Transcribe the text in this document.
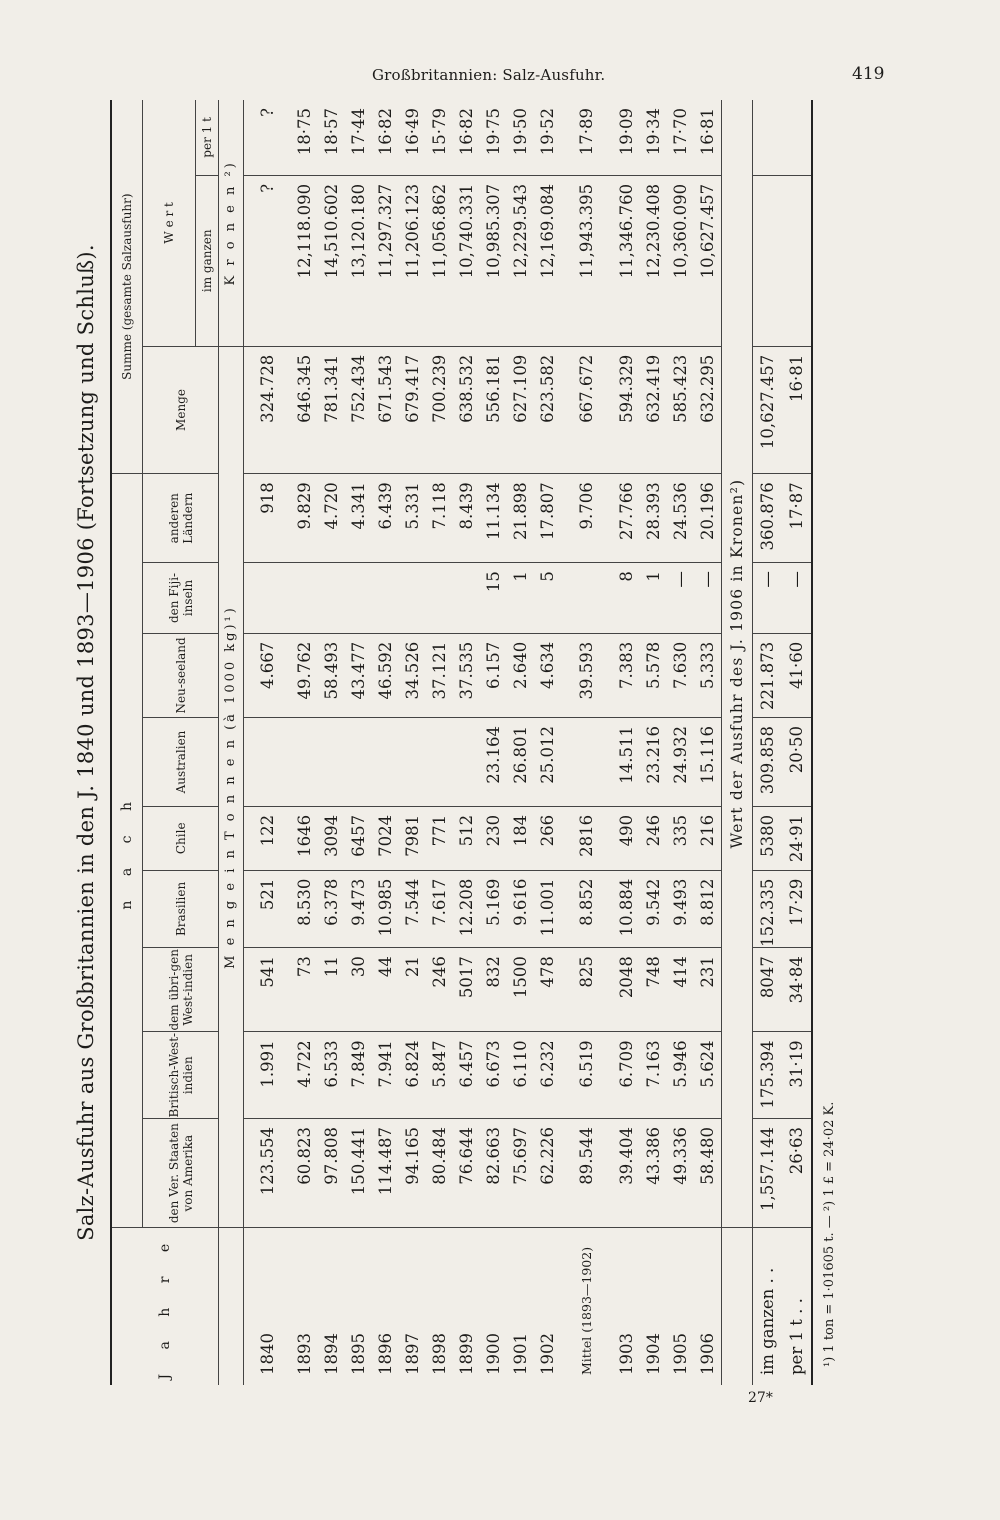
Großbritannien: Salz-Ausfuhr.	419
Salz-Ausfuhr aus Großbritannien in den J. 1840 und 1893—1906 (Fortsetzung und Schluß).
J a h r e	n a c h									Summe (gesamte Salzausfuhr)		
	den Ver. Staaten von Amerika	Britisch-West-indien	dem übri-gen West-indien	Brasilien	Chile	Australien	Neu-seeland	den Fiji-inseln	anderen Ländern	Menge	W e r t	
											im ganzen	per 1 t
	M e n g e i n T o n n e n (à 1000 kg)¹)										K r o n e n ²)	

1840	123.554	1.991	541	521	122		4.667		918	324.728	?	?

1893	60.823	4.722	73	8.530	1646		49.762		9.829	646.345	12,118.090	18·75
1894	97.808	6.533	11	6.378	3094		58.493		4.720	781.341	14,510.602	18·57
1895	150.441	7.849	30	9.473	6457		43.477		4.341	752.434	13,120.180	17·44
1896	114.487	7.941	44	10.985	7024		46.592		6.439	671.543	11,297.327	16·82
1897	94.165	6.824	21	7.544	7981		34.526		5.331	679.417	11,206.123	16·49
1898	80.484	5.847	246	7.617	771		37.121		7.118	700.239	11,056.862	15·79
1899	76.644	6.457	5017	12.208	512		37.535		8.439	638.532	10,740.331	16·82
1900	82.663	6.673	832	5.169	230	23.164	6.157	15	11.134	556.181	10,985.307	19·75
1901	75.697	6.110	1500	9.616	184	26.801	2.640	1	21.898	627.109	12,229.543	19·50
1902	62.226	6.232	478	11.001	266	25.012	4.634	5	17.807	623.582	12,169.084	19·52

Mittel (1893—1902)	89.544	6.519	825	8.852	2816		39.593		9.706	667.672	11,943.395	17·89

1903	39.404	6.709	2048	10.884	490	14.511	7.383	8	27.766	594.329	11,346.760	19·09
1904	43.386	7.163	748	9.542	246	23.216	5.578	1	28.393	632.419	12,230.408	19·34
1905	49.336	5.946	414	9.493	335	24.932	7.630	—	24.536	585.423	10,360.090	17·70
1906	58.480	5.624	231	8.812	216	15.116	5.333	—	20.196	632.295	10,627.457	16·81
	Wert der Ausfuhr des J. 1906 in Kronen²)											
im ganzen . .	1,557.144	175.394	8047	152.335	5380	309.858	221.873	—	360.876	10,627.457		
per 1 t . .	26·63	31·19	34·84	17·29	24·91	20·50	41·60	—	17·87	16·81		
¹) 1 ton = 1·01605 t. — ²) 1 £ = 24·02 K.
27*
